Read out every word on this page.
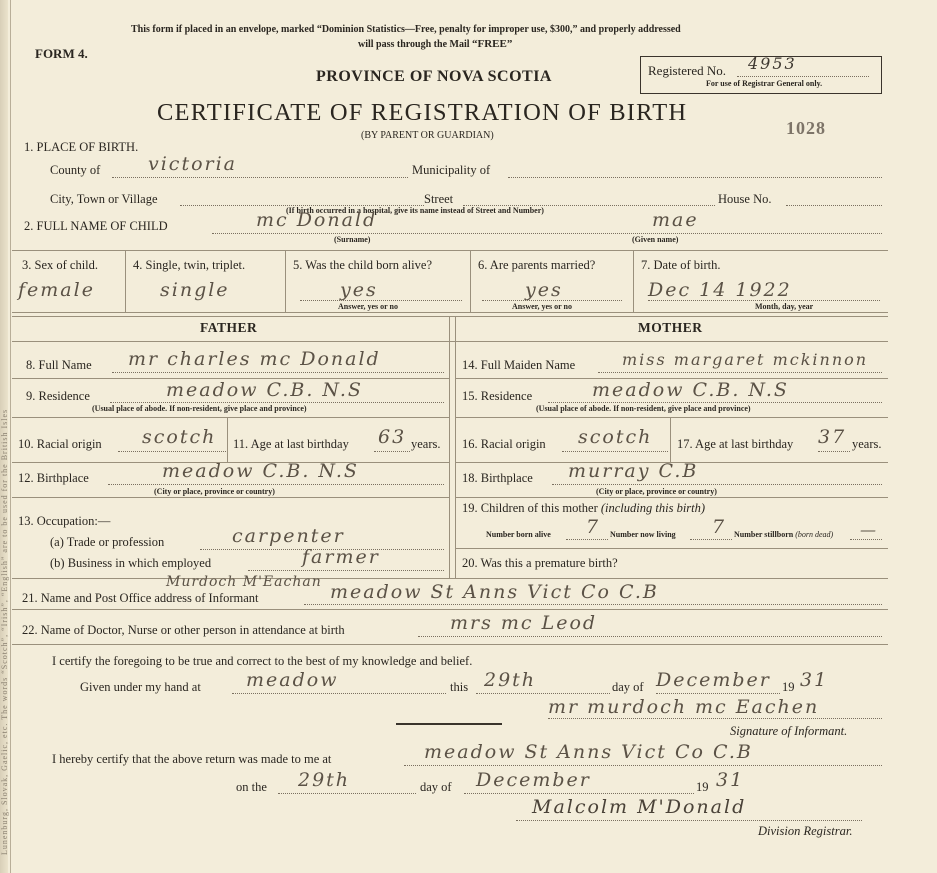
Lunenburg, Slovak, Gaelic, etc. The words “Scotch”, “Irish”, “English” are to be used for the British Isles
This form if placed in an envelope, marked “Dominion Statistics—Free, penalty for improper use, $300,” and properly addressed
will pass through the Mail “FREE”
FORM 4.
PROVINCE OF NOVA SCOTIA
CERTIFICATE OF REGISTRATION OF BIRTH
(BY PARENT OR GUARDIAN)
Registered No. 4953
For use of Registrar General only.
1028
1. PLACE OF BIRTH.
County of	victoria	Municipality of
City, Town or Village	Street	House No.
(If birth occurred in a hospital, give its name instead of Street and Number)
2. FULL NAME OF CHILD	mc Donald	mae
(Surname)	(Given name)
3. Sex of child.
female
4. Single, twin, triplet.
single
5. Was the child born alive?
yes
Answer, yes or no
6. Are parents married?
yes
Answer, yes or no
7. Date of birth.
Dec 14 1922
Month, day, year
FATHER	MOTHER
8. Full Name mr charles mc Donald
9. Residence	meadow C.B. N.S
(Usual place of abode. If non-resident, give place and province)
10. Racial origin scotch 11. Age at last birthday 63 years.
12. Birthplace	meadow C.B. N.S
(City or place, province or country)
13. Occupation:—
(a) Trade or profession	carpenter
(b) Business in which employed	farmer
14. Full Maiden Name	miss margaret mckinnon
15. Residence	meadow C.B. N.S
(Usual place of abode. If non-resident, give place and province)
16. Racial origin scotch 17. Age at last birthday 37 years.
18. Birthplace murray C.B
(City or place, province or country)
19. Children of this mother (including this birth)
Number born alive 7 Number now living 7 Number stillborn (born dead) —
20. Was this a premature birth?
Murdoch M'Eachan
21. Name and Post Office address of Informant	meadow St Anns Vict Co C.B
22. Name of Doctor, Nurse or other person in attendance at birth	mrs mc Leod
I certify the foregoing to be true and correct to the best of my knowledge and belief.
Given under my hand at meadow	this 29th	day of December 19 31
mr murdoch mc Eachen
Signature of Informant.
I hereby certify that the above return was made to me at	meadow St Anns Vict Co C.B
on the 29th	day of December	19 31
Malcolm M'Donald
Division Registrar.
